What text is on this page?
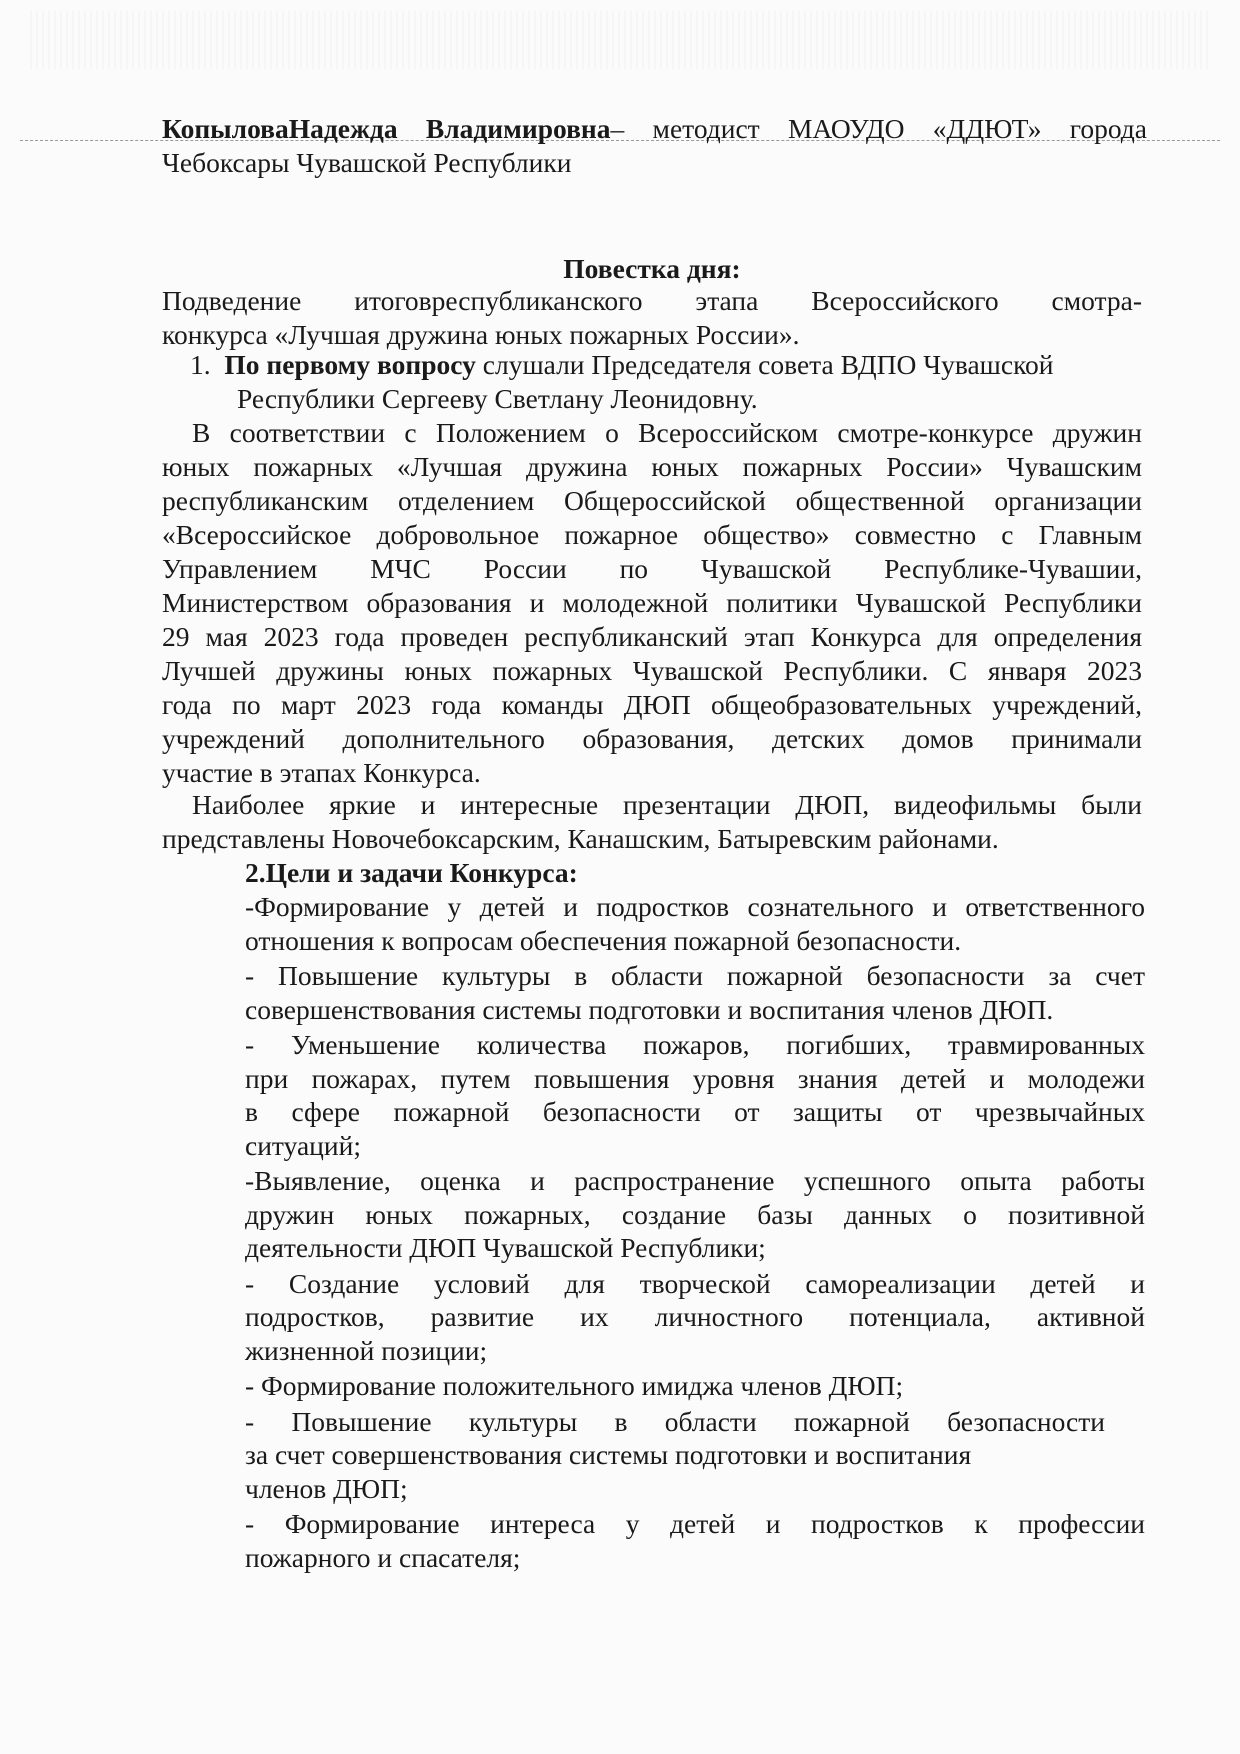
КопыловаНадежда Владимировна– методист МАОУДО «ДДЮТ» города
Чебоксары Чувашской Республики
Повестка дня:
Подведение итоговреспубликанского этапа Всероссийского смотра-
конкурса «Лучшая дружина юных пожарных России».
1. По первому вопросу слушали Председателя совета ВДПО Чувашской
Республики Сергееву Светлану Леонидовну.
В соответствии с Положением о Всероссийском смотре-конкурсе дружин
юных пожарных «Лучшая дружина юных пожарных России» Чувашским
республиканским отделением Общероссийской общественной организации
«Всероссийское добровольное пожарное общество» совместно с Главным
Управлением МЧС России по Чувашской Республике-Чувашии,
Министерством образования и молодежной политики Чувашской Республики
29 мая 2023 года проведен республиканский этап Конкурса для определения
Лучшей дружины юных пожарных Чувашской Республики. С января 2023
года по март 2023 года команды ДЮП общеобразовательных учреждений,
учреждений дополнительного образования, детских домов принимали
участие в этапах Конкурса.
Наиболее яркие и интересные презентации ДЮП, видеофильмы были
представлены Новочебоксарским, Канашским, Батыревским районами.
2.Цели и задачи Конкурса:
-Формирование у детей и подростков сознательного и ответственного
отношения к вопросам обеспечения пожарной безопасности.
- Повышение культуры в области пожарной безопасности за счет
совершенствования системы подготовки и воспитания членов ДЮП.
- Уменьшение количества пожаров, погибших, травмированных
при пожарах, путем повышения уровня знания детей и молодежи
в сфере пожарной безопасности от защиты от чрезвычайных
ситуаций;
-Выявление, оценка и распространение успешного опыта работы
дружин юных пожарных, создание базы данных о позитивной
деятельности ДЮП Чувашской Республики;
- Создание условий для творческой самореализации детей и
подростков, развитие их личностного потенциала, активной
жизненной позиции;
- Формирование положительного имиджа членов ДЮП;
- Повышение культуры в области пожарной безопасности
за счет совершенствования системы подготовки и воспитания
членов ДЮП;
- Формирование интереса у детей и подростков к профессии
пожарного и спасателя;
